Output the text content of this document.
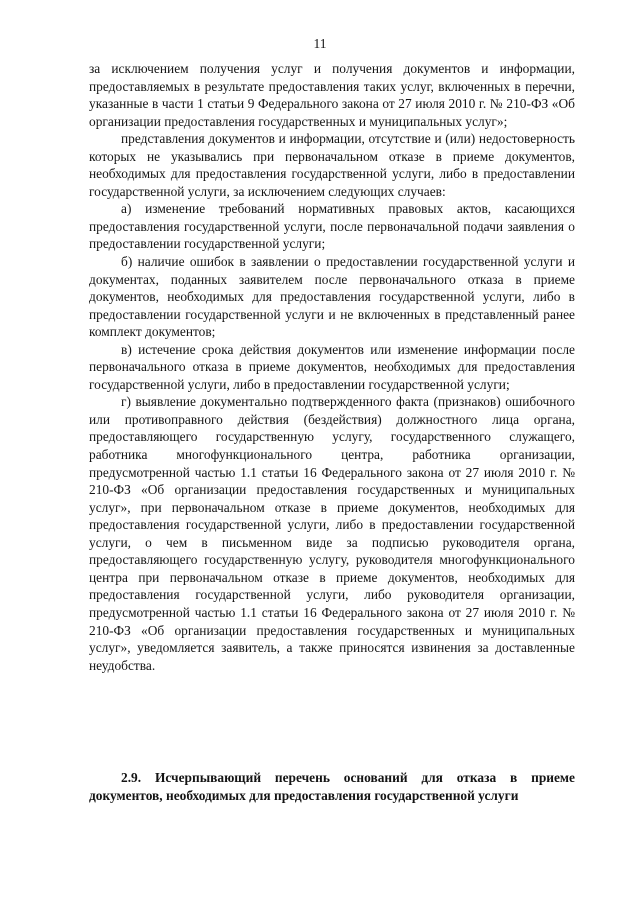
11

за исключением получения услуг и получения документов и информации, предоставляемых в результате предоставления таких услуг, включенных в перечни, указанные в части 1 статьи 9 Федерального закона от 27 июля 2010 г. № 210-ФЗ «Об организации предоставления государственных и муниципальных услуг»;

представления документов и информации, отсутствие и (или) недостоверность которых не указывались при первоначальном отказе в приеме документов, необходимых для предоставления государственной услуги, либо в предоставлении государственной услуги, за исключением следующих случаев:

а) изменение требований нормативных правовых актов, касающихся предоставления государственной услуги, после первоначальной подачи заявления о предоставлении государственной услуги;

б) наличие ошибок в заявлении о предоставлении государственной услуги и документах, поданных заявителем после первоначального отказа в приеме документов, необходимых для предоставления государственной услуги, либо в предоставлении государственной услуги и не включенных в представленный ранее комплект документов;

в) истечение срока действия документов или изменение информации после первоначального отказа в приеме документов, необходимых для предоставления государственной услуги, либо в предоставлении государственной услуги;

г) выявление документально подтвержденного факта (признаков) ошибочного или противоправного действия (бездействия) должностного лица органа, предоставляющего государственную услугу, государственного служащего, работника многофункционального центра, работника организации, предусмотренной частью 1.1 статьи 16 Федерального закона от 27 июля 2010 г. № 210-ФЗ «Об организации предоставления государственных и муниципальных услуг», при первоначальном отказе в приеме документов, необходимых для предоставления государственной услуги, либо в предоставлении государственной услуги, о чем в письменном виде за подписью руководителя органа, предоставляющего государственную услугу, руководителя многофункционального центра при первоначальном отказе в приеме документов, необходимых для предоставления государственной услуги, либо руководителя организации, предусмотренной частью 1.1 статьи 16 Федерального закона от 27 июля 2010 г. № 210-ФЗ «Об организации предоставления государственных и муниципальных услуг», уведомляется заявитель, а также приносятся извинения за доставленные неудобства.

2.9. Исчерпывающий перечень оснований для отказа в приеме документов, необходимых для предоставления государственной услуги
